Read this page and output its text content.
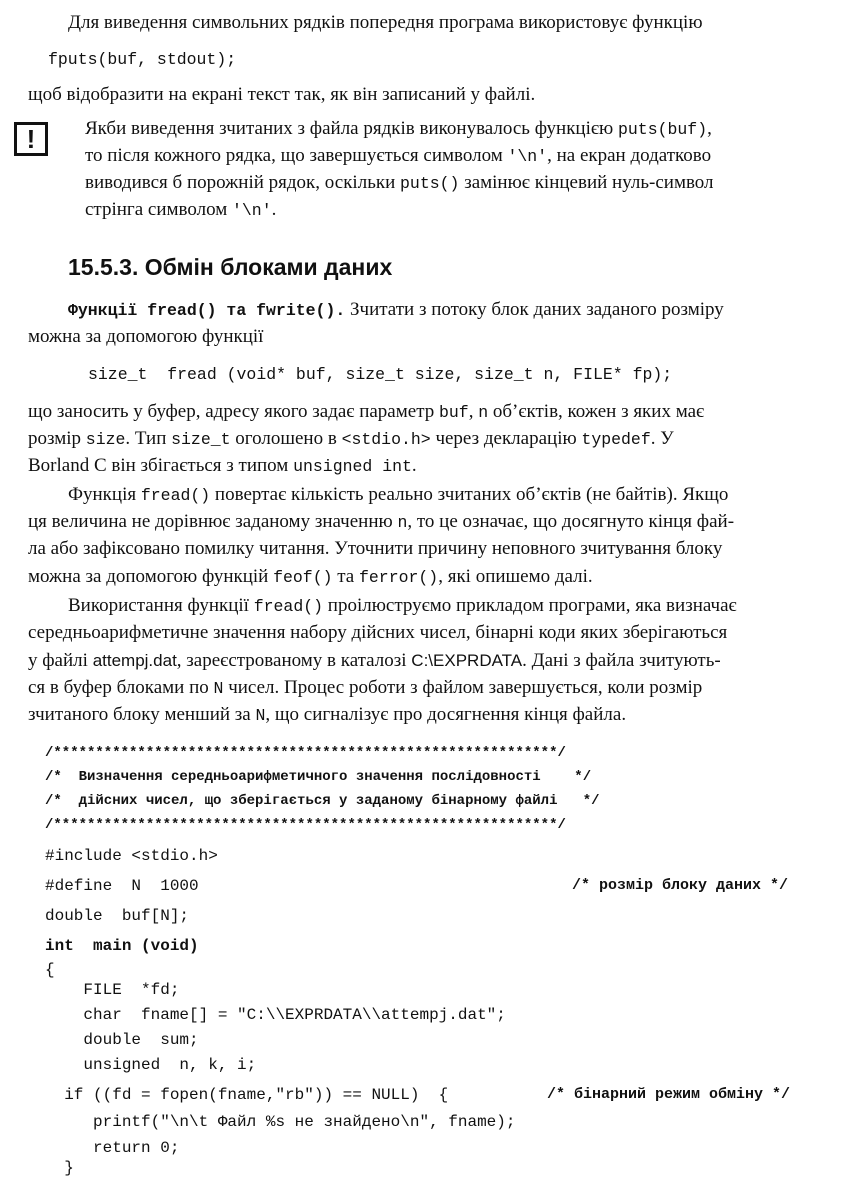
Для виведення символьних рядків попередня програма використовує функцію
fputs(buf, stdout);
щоб відобразити на екрані текст так, як він записаний у файлі.
!	Якби виведення зчитаних з файла рядків виконувалось функцією puts(buf),
то після кожного рядка, що завершується символом '\n', на екран додатково
виводився б порожній рядок, оскільки puts() замінює кінцевий нуль-символ
стрінга символом '\n'.
15.5.3. Обмін блоками даних
Функції fread() та fwrite(). Зчитати з потоку блок даних заданого розміру
можна за допомогою функції
size_t  fread (void* buf, size_t size, size_t n, FILE* fp);
що заносить у буфер, адресу якого задає параметр buf, n об’єктів, кожен з яких має
розмір size. Тип size_t оголошено в <stdio.h> через декларацію typedef. У
Borland C він збігається з типом unsigned int.
Функція fread() повертає кількість реально зчитаних об’єктів (не байтів). Якщо
ця величина не дорівнює заданому значенню n, то це означає, що досягнуто кінця фай-
ла або зафіксовано помилку читання. Уточнити причину неповного зчитування блоку
можна за допомогою функцій feof() та ferror(), які опишемо далі.
Використання функції fread() проілюструємо прикладом програми, яка визначає
середньоарифметичне значення набору дійсних чисел, бінарні коди яких зберігаються
у файлі attempj.dat, зареєстрованому в каталозі C:\EXPRDATA. Дані з файла зчитують-
ся в буфер блоками по N чисел. Процес роботи з файлом завершується, коли розмір
зчитаного блоку менший за N, що сигналізує про досягнення кінця файла.
/************************************************************/
/*  Визначення середньоарифметичного значення послідовності    */
/*  дійсних чисел, що зберігається у заданому бінарному файлі   */
/************************************************************/
#include <stdio.h>
#define  N  1000	/* розмір блоку даних */
double  buf[N];
int  main (void)
{
FILE  *fd;
char  fname[] = "C:\\EXPRDATA\\attempj.dat";
double  sum;
unsigned  n, k, i;
if ((fd = fopen(fname,"rb")) == NULL)  {	/* бінарний режим обміну */
printf("\n\t Файл %s не знайдено\n", fname);
return 0;
}
